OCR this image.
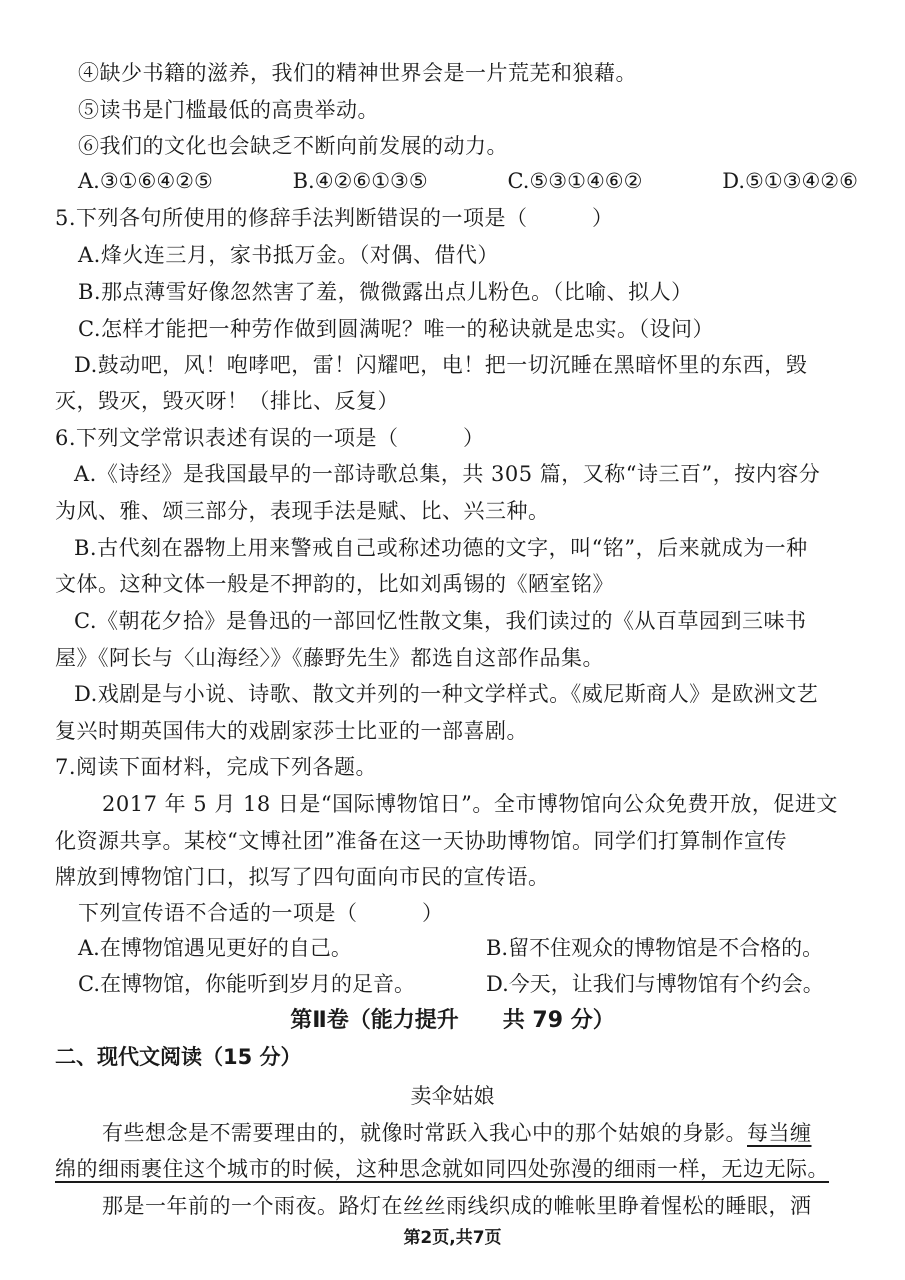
④缺少书籍的滋养，我们的精神世界会是一片荒芜和狼藉。
⑤读书是门槛最低的高贵举动。
⑥我们的文化也会缺乏不断向前发展的动力。
A.③①⑥④②⑤	B.④②⑥①③⑤	C.⑤③①④⑥②	D.⑤①③④②⑥
5.下列各句所使用的修辞手法判断错误的一项是（　　　）
A.烽火连三月，家书抵万金。（对偶、借代）
B.那点薄雪好像忽然害了羞，微微露出点儿粉色。（比喻、拟人）
C.怎样才能把一种劳作做到圆满呢？唯一的秘诀就是忠实。（设问）
D.鼓动吧，风！咆哮吧，雷！闪耀吧，电！把一切沉睡在黑暗怀里的东西，毁
灭，毁灭，毁灭呀！（排比、反复）
6.下列文学常识表述有误的一项是（　　　）
A.《诗经》是我国最早的一部诗歌总集，共 305 篇，又称“诗三百”，按内容分
为风、雅、颂三部分，表现手法是赋、比、兴三种。
B.古代刻在器物上用来警戒自己或称述功德的文字，叫“铭”，后来就成为一种
文体。这种文体一般是不押韵的，比如刘禹锡的《陋室铭》
C.《朝花夕拾》是鲁迅的一部回忆性散文集，我们读过的《从百草园到三味书
屋》《阿长与〈山海经〉》《藤野先生》都选自这部作品集。
D.戏剧是与小说、诗歌、散文并列的一种文学样式。《威尼斯商人》是欧洲文艺
复兴时期英国伟大的戏剧家莎士比亚的一部喜剧。
7.阅读下面材料，完成下列各题。
2017 年 5 月 18 日是“国际博物馆日”。全市博物馆向公众免费开放，促进文
化资源共享。某校“文博社团”准备在这一天协助博物馆。同学们打算制作宣传
牌放到博物馆门口，拟写了四句面向市民的宣传语。
下列宣传语不合适的一项是（　　　）
A.在博物馆遇见更好的自己。	B.留不住观众的博物馆是不合格的。
C.在博物馆，你能听到岁月的足音。	D.今天，让我们与博物馆有个约会。
第Ⅱ卷（能力提升　　共 79 分）
二、现代文阅读（15 分）
卖伞姑娘
有些想念是不需要理由的，就像时常跃入我心中的那个姑娘的身影。每当缠
绵的细雨裹住这个城市的时候，这种思念就如同四处弥漫的细雨一样，无边无际。
那是一年前的一个雨夜。路灯在丝丝雨线织成的帷帐里睁着惺松的睡眼，洒
第2页,共7页
